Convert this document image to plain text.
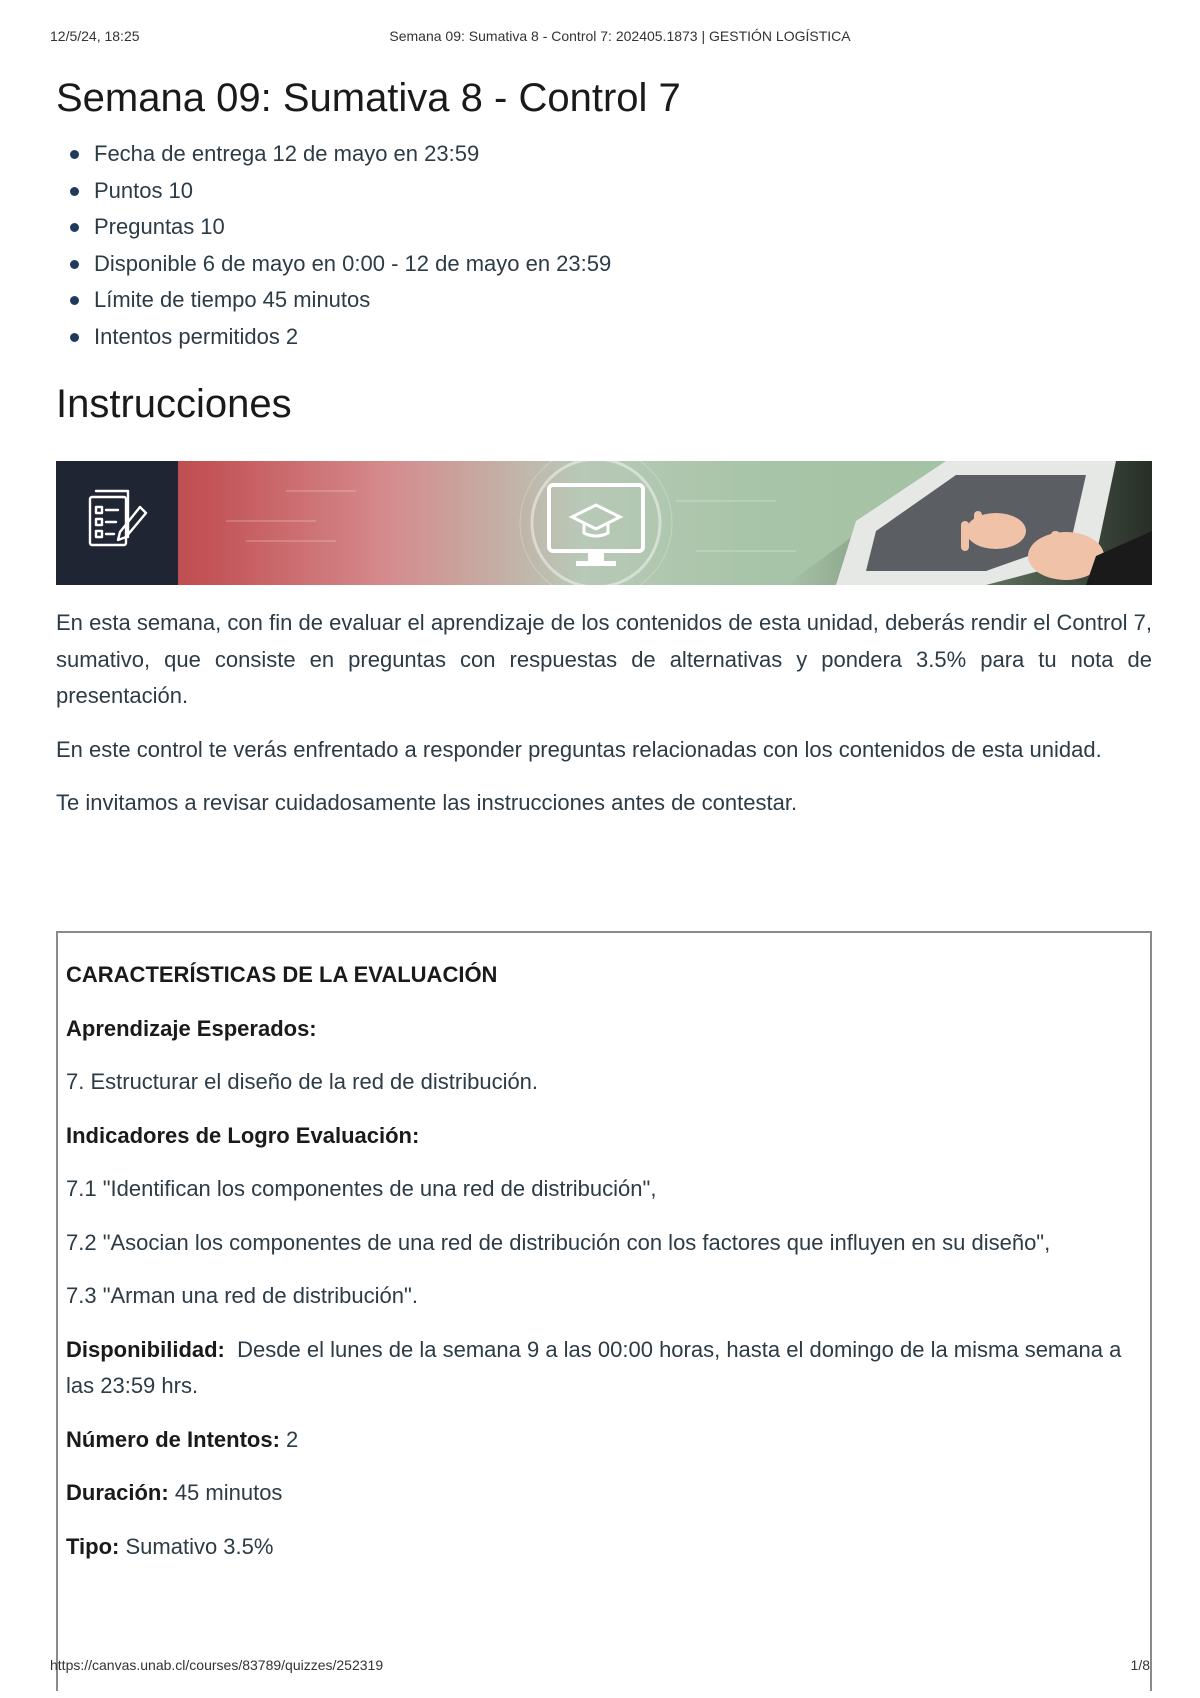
12/5/24, 18:25	Semana 09: Sumativa 8 - Control 7: 202405.1873 | GESTIÓN LOGÍSTICA
Semana 09: Sumativa 8 - Control 7
Fecha de entrega 12 de mayo en 23:59
Puntos 10
Preguntas 10
Disponible 6 de mayo en 0:00 - 12 de mayo en 23:59
Límite de tiempo 45 minutos
Intentos permitidos 2
Instrucciones

En esta semana, con fin de evaluar el aprendizaje de los contenidos de esta unidad, deberás rendir el Control 7, sumativo, que consiste en preguntas con respuestas de alternativas y pondera 3.5% para tu nota de presentación.

En este control te verás enfrentado a responder preguntas relacionadas con los contenidos de esta unidad.

Te invitamos a revisar cuidadosamente las instrucciones antes de contestar.

CARACTERÍSTICAS DE LA EVALUACIÓN

Aprendizaje Esperados:

7. Estructurar el diseño de la red de distribución.

Indicadores de Logro Evaluación:

7.1 "Identifican los componentes de una red de distribución",

7.2 "Asocian los componentes de una red de distribución con los factores que influyen en su diseño",

7.3 "Arman una red de distribución".

Disponibilidad: Desde el lunes de la semana 9 a las 00:00 horas, hasta el domingo de la misma semana a las 23:59 hrs.

Número de Intentos: 2

Duración: 45 minutos

Tipo: Sumativo 3.5%

https://canvas.unab.cl/courses/83789/quizzes/252319	1/8
